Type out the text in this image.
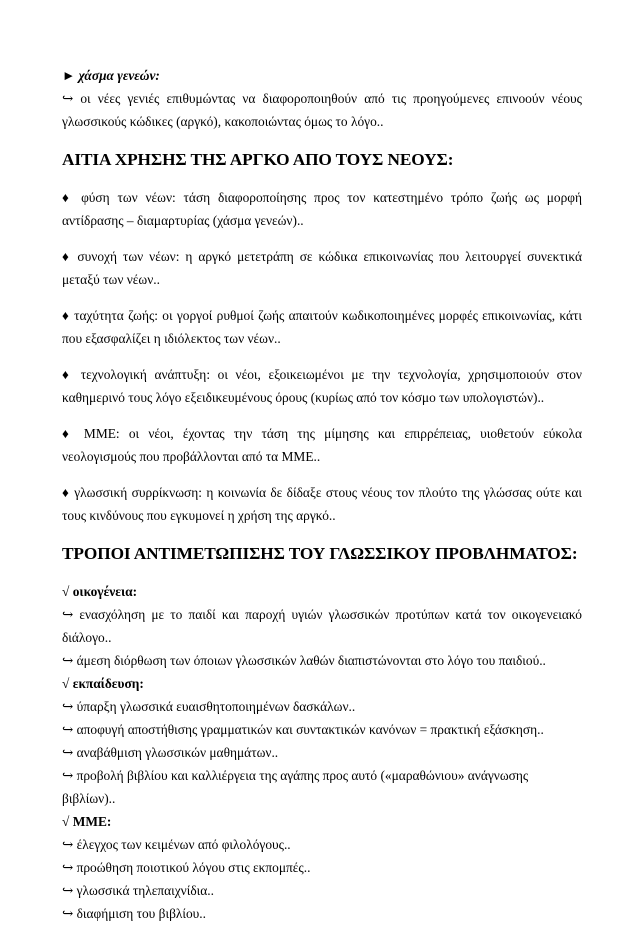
► χάσμα γενεών:

↪ οι νέες γενιές επιθυμώντας να διαφοροποιηθούν από τις προηγούμενες επινοούν νέους γλωσσικούς κώδικες (αργκό), κακοποιώντας όμως το λόγο..

ΑΙΤΙΑ ΧΡΗΣΗΣ ΤΗΣ ΑΡΓΚΟ ΑΠΟ ΤΟΥΣ ΝΕΟΥΣ:

♦ φύση των νέων: τάση διαφοροποίησης προς τον κατεστημένο τρόπο ζωής ως μορφή αντίδρασης – διαμαρτυρίας (χάσμα γενεών)..

♦ συνοχή των νέων: η αργκό μετετράπη σε κώδικα επικοινωνίας που λειτουργεί συνεκτικά μεταξύ των νέων..

♦ ταχύτητα ζωής: οι γοργοί ρυθμοί ζωής απαιτούν κωδικοποιημένες μορφές επικοινωνίας, κάτι που εξασφαλίζει η ιδιόλεκτος των νέων..

♦ τεχνολογική ανάπτυξη: οι νέοι, εξοικειωμένοι με την τεχνολογία, χρησιμοποιούν στον καθημερινό τους λόγο εξειδικευμένους όρους (κυρίως από τον κόσμο των υπολογιστών)..

♦ ΜΜΕ: οι νέοι, έχοντας την τάση της μίμησης και επιρρέπειας, υιοθετούν εύκολα νεολογισμούς που προβάλλονται από τα ΜΜΕ..

♦ γλωσσική συρρίκνωση: η κοινωνία δε δίδαξε στους νέους τον πλούτο της γλώσσας ούτε και τους κινδύνους που εγκυμονεί η χρήση της αργκό..

ΤΡΟΠΟΙ ΑΝΤΙΜΕΤΩΠΙΣΗΣ ΤΟΥ ΓΛΩΣΣΙΚΟΥ ΠΡΟΒΛΗΜΑΤΟΣ:

√ οικογένεια:

↪ ενασχόληση με το παιδί και παροχή υγιών γλωσσικών προτύπων κατά τον οικογενειακό διάλογο..

↪ άμεση διόρθωση των όποιων γλωσσικών λαθών διαπιστώνονται στο λόγο του παιδιού..

√ εκπαίδευση:

↪ ύπαρξη γλωσσικά ευαισθητοποιημένων δασκάλων..

↪ αποφυγή αποστήθισης γραμματικών και συντακτικών κανόνων = πρακτική εξάσκηση..

↪ αναβάθμιση γλωσσικών μαθημάτων..

↪ προβολή βιβλίου και καλλιέργεια της αγάπης προς αυτό («μαραθώνιου» ανάγνωσης βιβλίων)..

√ ΜΜΕ:

↪ έλεγχος των κειμένων από φιλολόγους..

↪ προώθηση ποιοτικού λόγου στις εκπομπές..

↪ γλωσσικά τηλεπαιχνίδια..

↪ διαφήμιση του βιβλίου..
